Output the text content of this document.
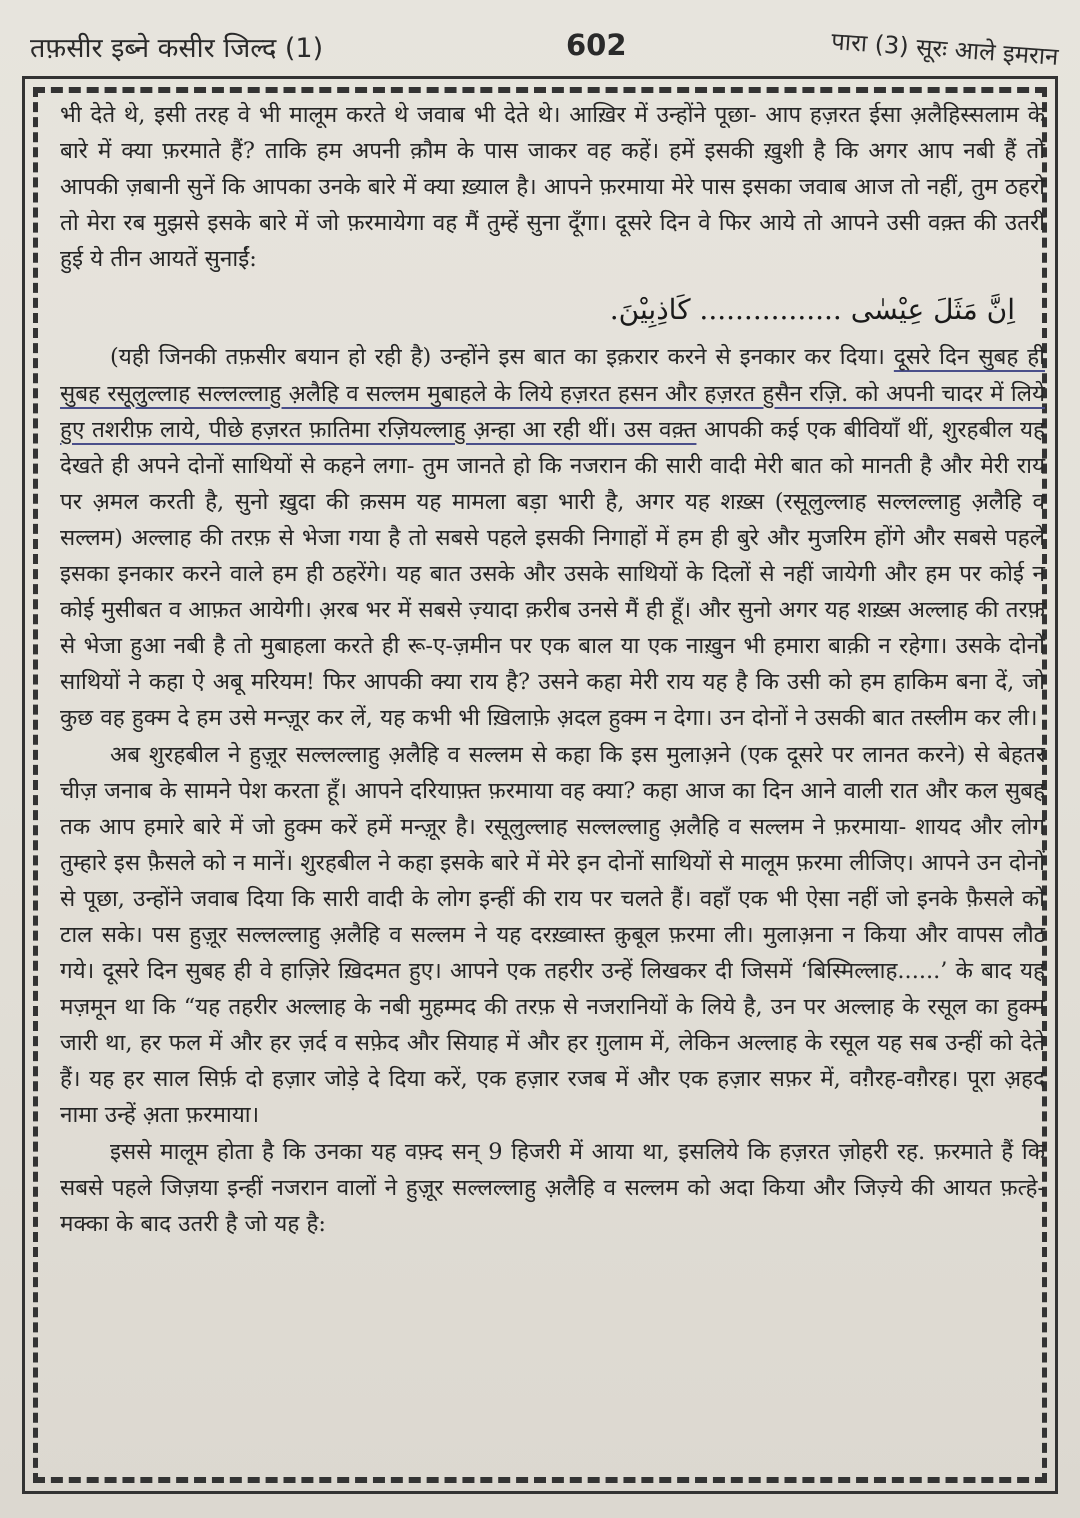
तफ़सीर इब्ने कसीर जिल्द (1)	602	पारा (3) सूरः आले इमरान

भी देते थे, इसी तरह वे भी मालूम करते थे जवाब भी देते थे। आख़िर में उन्होंने पूछा- आप हज़रत ईसा अ़लैहिस्सलाम के बारे में क्या फ़रमाते हैं? ताकि हम अपनी क़ौम के पास जाकर वह कहें। हमें इसकी ख़ुशी है कि अगर आप नबी हैं तो आपकी ज़बानी सुनें कि आपका उनके बारे में क्या ख़्याल है। आपने फ़रमाया मेरे पास इसका जवाब आज तो नहीं, तुम ठहरो तो मेरा रब मुझसे इसके बारे में जो फ़रमायेगा वह मैं तुम्हें सुना दूँगा। दूसरे दिन वे फिर आये तो आपने उसी वक़्त की उतरी हुई ये तीन आयतें सुनाईं:

اِنَّ مَثَلَ عِیْسٰی ................ کَاذِبِیْنَ.

(यही जिनकी तफ़सीर बयान हो रही है) उन्होंने इस बात का इक़रार करने से इनकार कर दिया। दूसरे दिन सुबह ही सुबह रसूलुल्लाह सल्लल्लाहु अ़लैहि व सल्लम मुबाहले के लिये हज़रत हसन और हज़रत हुसैन रज़ि. को अपनी चादर में लिये हुए तशरीफ़ लाये, पीछे हज़रत फ़ातिमा रज़ियल्लाहु अ़न्हा आ रही थीं। उस वक़्त आपकी कई एक बीवियाँ थीं, शुरहबील यह देखते ही अपने दोनों साथियों से कहने लगा- तुम जानते हो कि नजरान की सारी वादी मेरी बात को मानती है और मेरी राय पर अ़मल करती है, सुनो ख़ुदा की क़सम यह मामला बड़ा भारी है, अगर यह शख़्स (रसूलुल्लाह सल्लल्लाहु अ़लैहि व सल्लम) अल्लाह की तरफ़ से भेजा गया है तो सबसे पहले इसकी निगाहों में हम ही बुरे और मुजरिम होंगे और सबसे पहले इसका इनकार करने वाले हम ही ठहरेंगे। यह बात उसके और उसके साथियों के दिलों से नहीं जायेगी और हम पर कोई न कोई मुसीबत व आफ़त आयेगी। अ़रब भर में सबसे ज़्यादा क़रीब उनसे मैं ही हूँ। और सुनो अगर यह शख़्स अल्लाह की तरफ़ से भेजा हुआ नबी है तो मुबाहला करते ही रू-ए-ज़मीन पर एक बाल या एक नाख़ुन भी हमारा बाक़ी न रहेगा। उसके दोनों साथियों ने कहा ऐ अबू मरियम! फिर आपकी क्या राय है? उसने कहा मेरी राय यह है कि उसी को हम हाकिम बना दें, जो कुछ वह हुक्म दे हम उसे मन्ज़ूर कर लें, यह कभी भी ख़िलाफ़े अ़दल हुक्म न देगा। उन दोनों ने उसकी बात तस्लीम कर ली।

अब शुरहबील ने हुज़ूर सल्लल्लाहु अ़लैहि व सल्लम से कहा कि इस मुलाअ़ने (एक दूसरे पर लानत करने) से बेहतर चीज़ जनाब के सामने पेश करता हूँ। आपने दरियाफ़्त फ़रमाया वह क्या? कहा आज का दिन आने वाली रात और कल सुबह तक आप हमारे बारे में जो हुक्म करें हमें मन्ज़ूर है। रसूलुल्लाह सल्लल्लाहु अ़लैहि व सल्लम ने फ़रमाया- शायद और लोग तुम्हारे इस फ़ैसले को न मानें। शुरहबील ने कहा इसके बारे में मेरे इन दोनों साथियों से मालूम फ़रमा लीजिए। आपने उन दोनों से पूछा, उन्होंने जवाब दिया कि सारी वादी के लोग इन्हीं की राय पर चलते हैं। वहाँ एक भी ऐसा नहीं जो इनके फ़ैसले को टाल सके। पस हुज़ूर सल्लल्लाहु अ़लैहि व सल्लम ने यह दरख़्वास्त क़ुबूल फ़रमा ली। मुलाअ़ना न किया और वापस लौट गये। दूसरे दिन सुबह ही वे हाज़िरे ख़िदमत हुए। आपने एक तहरीर उन्हें लिखकर दी जिसमें ‘बिस्मिल्लाह......’ के बाद यह मज़मून था कि “यह तहरीर अल्लाह के नबी मुहम्मद की तरफ़ से नजरानियों के लिये है, उन पर अल्लाह के रसूल का हुक्म जारी था, हर फल में और हर ज़र्द व सफ़ेद और सियाह में और हर ग़ुलाम में, लेकिन अल्लाह के रसूल यह सब उन्हीं को देते हैं। यह हर साल सिर्फ़ दो हज़ार जोड़े दे दिया करें, एक हज़ार रजब में और एक हज़ार सफ़र में, वग़ैरह-वग़ैरह। पूरा अ़हद नामा उन्हें अ़ता फ़रमाया।

इससे मालूम होता है कि उनका यह वफ़्द सन् 9 हिजरी में आया था, इसलिये कि हज़रत ज़ोहरी रह. फ़रमाते हैं कि सबसे पहले जिज़या इन्हीं नजरान वालों ने हुज़ूर सल्लल्लाहु अ़लैहि व सल्लम को अदा किया और जिज़्ये की आयत फ़त्हे-मक्का के बाद उतरी है जो यह है:
